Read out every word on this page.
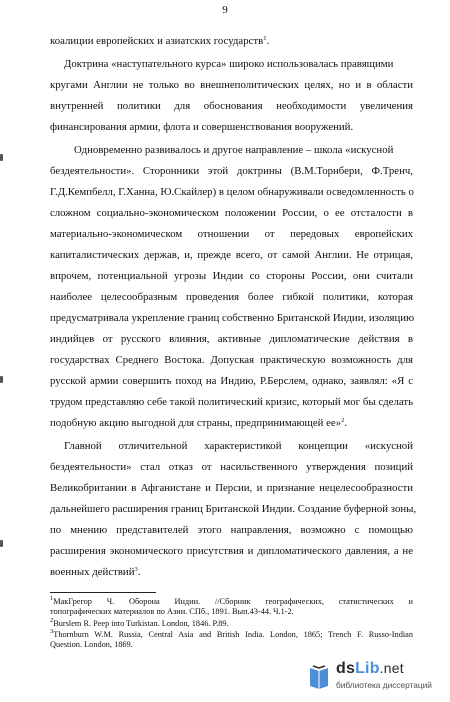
9
коалиции европейских и азиатских государств$^1$.
Доктрина «наступательного курса» широко использовалась правящими
кругами Англии не только во внешнеполитических целях, но и в области
внутренней политики для обоснования необходимости увеличения
финансирования армии, флота и совершенствования вооружений.
Одновременно развивалось и другое направление – школа «искусной
бездеятельности». Сторонники этой доктрины (В.М.Торнбери, Ф.Тренч,
Г.Д.Кемпбелл, Г.Ханна, Ю.Скайлер) в целом обнаруживали осведомленность о
сложном социально-экономическом положении России, о ее отсталости в
материально-экономическом отношении от передовых европейских
капиталистических держав, и, прежде всего, от самой Англии. Не отрицая,
впрочем, потенциальной угрозы Индии со стороны России, они считали
наиболее целесообразным проведения более гибкой политики, которая
предусматривала укрепление границ собственно Британской Индии, изоляцию
индийцев от русского влияния, активные дипломатические действия в
государствах Среднего Востока. Допуская практическую возможность для
русской армии совершить поход на Индию, Р.Берслем, однако, заявлял: «Я с
трудом представляю себе такой политический кризис, который мог бы сделать
подобную акцию выгодной для страны, предпринимающей ее»$^2$.
Главной отличительной характеристикой концепции «искусной
бездеятельности» стал отказ от насильственного утверждения позиций
Великобритании в Афганистане и Персии, и признание нецелесообразности
дальнейшего расширения границ Британской Индии. Создание буферной зоны,
по мнению представителей этого направления, возможно с помощью
расширения экономического присутствия и дипломатического давления, а не
военных действий$^3$.
$^1$МакГрегор Ч. Оборона Индии. //Сборник географических, статистических и
топографических материалов по Азии. СПб., 1891. Вып.43-44. Ч.1-2.
$^2$Burslem R. Peep into Turkistan. London, 1846. P.89.
$^3$Thornburn W.M. Russia, Central Asia and British India. London, 1865; Trench F. Russo-Indian
Question. London, 1869.
dsLib.net
библиотека диссертаций
